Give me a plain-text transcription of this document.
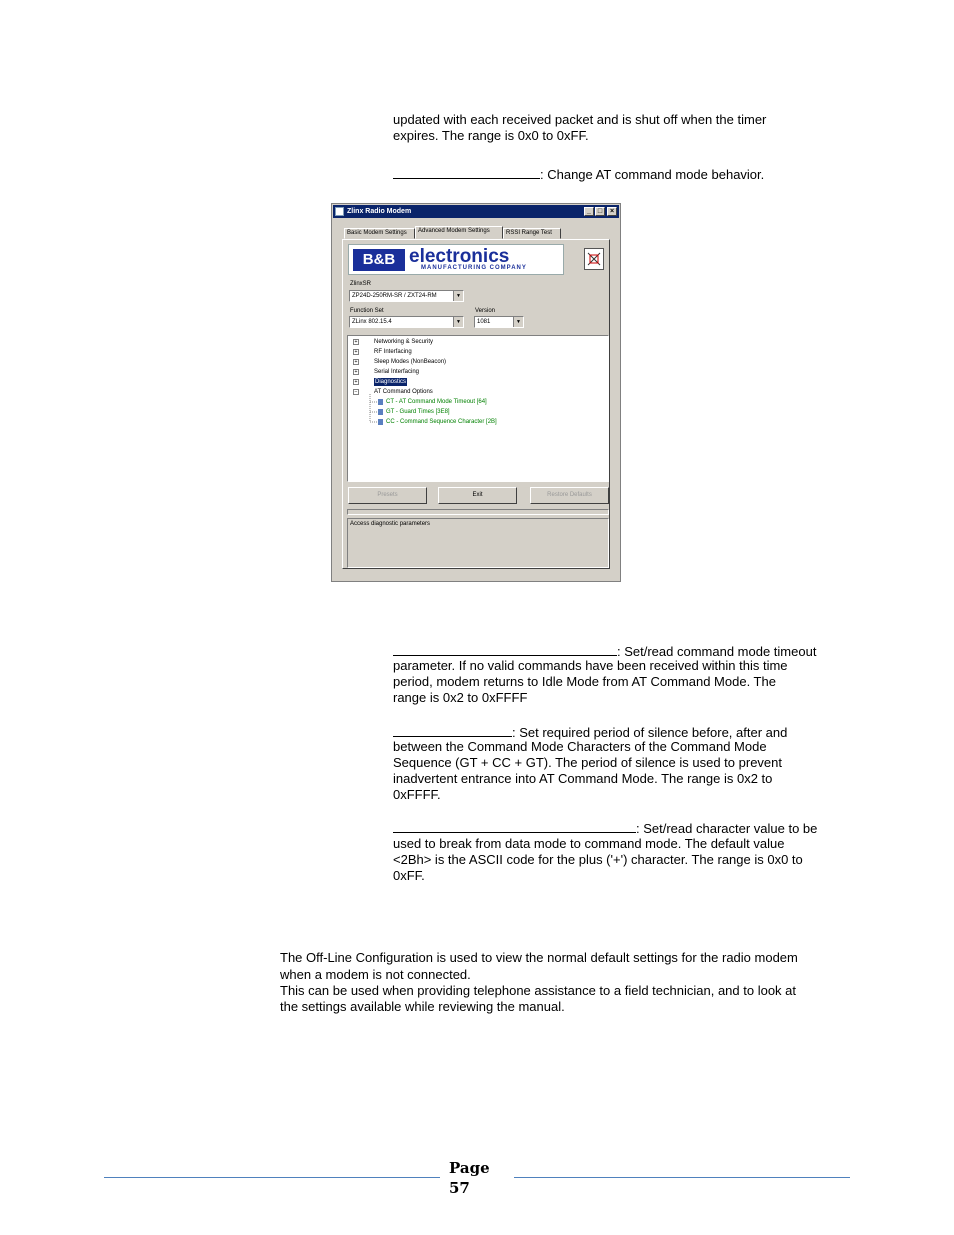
updated with each received packet and is shut off when the timer
expires. The range is 0x0 to 0xFF.
: Change AT command mode behavior.
Zlinx Radio Modem	_ □	×
Basic Modem Settings	Advanced Modem Settings	RSSI Range Test
B&B electronics
MANUFACTURING COMPANY
ZlinxSR
ZP24D-250RM-SR / ZXT24-RM	▼
Function Set
ZLinx 802.15.4	▼
Version
1081	▼
+	Networking & Security
+	RF Interfacing
+	Sleep Modes (NonBeacon)
+	Serial Interfacing
+	Diagnostics
−	AT Command Options
CT - AT Command Mode Timeout [64]
GT - Guard Times [3E8]
CC - Command Sequence Character [2B]
Presets	Exit	Restore Defaults
Access diagnostic parameters
: Set/read command mode timeout
parameter. If no valid commands have been received within this time
period, modem returns to Idle Mode from AT Command Mode. The
range is 0x2 to 0xFFFF
: Set required period of silence before, after and
between the Command Mode Characters of the Command Mode
Sequence (GT + CC + GT). The period of silence is used to prevent
inadvertent entrance into AT Command Mode. The range is 0x2 to
0xFFFF.
: Set/read character value to be
used to break from data mode to command mode. The default value
<2Bh> is the ASCII code for the plus ('+') character. The range is 0x0 to
0xFF.
The Off-Line Configuration is used to view the normal default settings for the radio modem
when a modem is not connected.
This can be used when providing telephone assistance to a field technician, and to look at
the settings available while reviewing the manual.
Page
57
